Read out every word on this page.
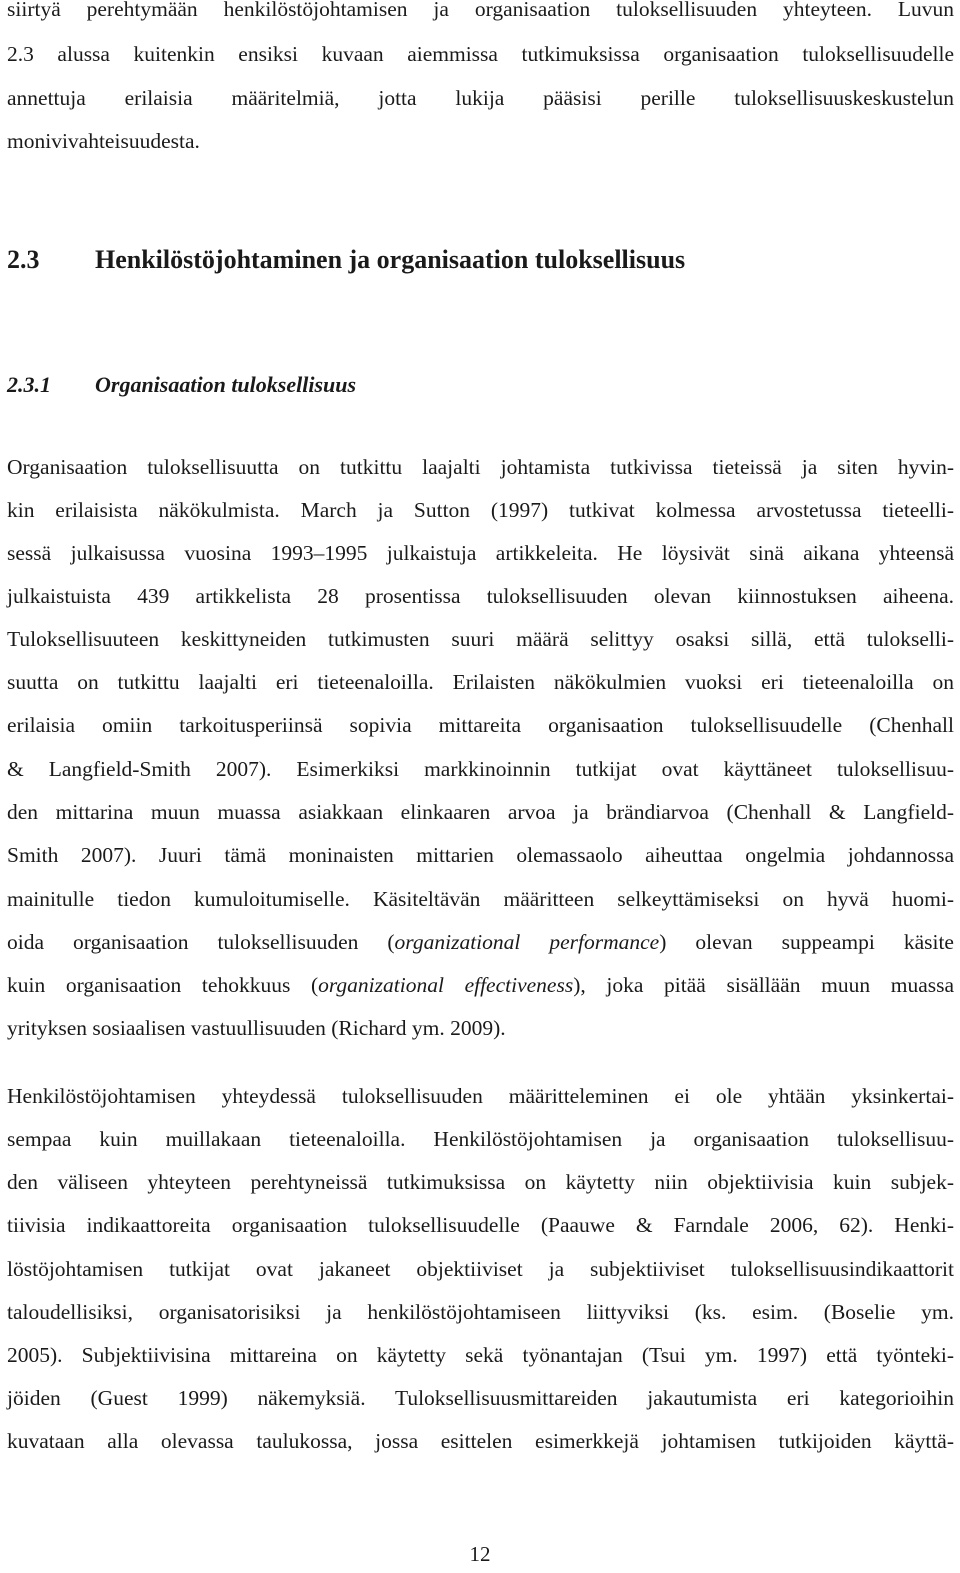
siirtyä perehtymään henkilöstöjohtamisen ja organisaation tuloksellisuuden yhteyteen. Luvun
2.3 alussa kuitenkin ensiksi kuvaan aiemmissa tutkimuksissa organisaation tuloksellisuudelle
annettuja erilaisia määritelmiä, jotta lukija pääsisi perille tuloksellisuuskeskustelun
monivivahteisuudesta.
2.3 Henkilöstöjohtaminen ja organisaation tuloksellisuus
2.3.1 Organisaation tuloksellisuus
Organisaation tuloksellisuutta on tutkittu laajalti johtamista tutkivissa tieteissä ja siten hyvin-
kin erilaisista näkökulmista. March ja Sutton (1997) tutkivat kolmessa arvostetussa tieteelli-
sessä julkaisussa vuosina 1993–1995 julkaistuja artikkeleita. He löysivät sinä aikana yhteensä
julkaistuista 439 artikkelista 28 prosentissa tuloksellisuuden olevan kiinnostuksen aiheena.
Tuloksellisuuteen keskittyneiden tutkimusten suuri määrä selittyy osaksi sillä, että tulokselli-
suutta on tutkittu laajalti eri tieteenaloilla. Erilaisten näkökulmien vuoksi eri tieteenaloilla on
erilaisia omiin tarkoitusperiinsä sopivia mittareita organisaation tuloksellisuudelle (Chenhall
& Langfield-Smith 2007). Esimerkiksi markkinoinnin tutkijat ovat käyttäneet tuloksellisuu-
den mittarina muun muassa asiakkaan elinkaaren arvoa ja brändiarvoa (Chenhall & Langfield-
Smith 2007). Juuri tämä moninaisten mittarien olemassaolo aiheuttaa ongelmia johdannossa
mainitulle tiedon kumuloitumiselle. Käsiteltävän määritteen selkeyttämiseksi on hyvä huomi-
oida organisaation tuloksellisuuden (organizational performance) olevan suppeampi käsite
kuin organisaation tehokkuus (organizational effectiveness), joka pitää sisällään muun muassa
yrityksen sosiaalisen vastuullisuuden (Richard ym. 2009).
Henkilöstöjohtamisen yhteydessä tuloksellisuuden määritteleminen ei ole yhtään yksinkertai-
sempaa kuin muillakaan tieteenaloilla. Henkilöstöjohtamisen ja organisaation tuloksellisuu-
den väliseen yhteyteen perehtyneissä tutkimuksissa on käytetty niin objektiivisia kuin subjek-
tiivisia indikaattoreita organisaation tuloksellisuudelle (Paauwe & Farndale 2006, 62). Henki-
löstöjohtamisen tutkijat ovat jakaneet objektiiviset ja subjektiiviset tuloksellisuusindikaattorit
taloudellisiksi, organisatorisiksi ja henkilöstöjohtamiseen liittyviksi (ks. esim. (Boselie ym.
2005). Subjektiivisina mittareina on käytetty sekä työnantajan (Tsui ym. 1997) että työnteki-
jöiden (Guest 1999) näkemyksiä. Tuloksellisuusmittareiden jakautumista eri kategorioihin
kuvataan alla olevassa taulukossa, jossa esittelen esimerkkejä johtamisen tutkijoiden käyttä-
12
